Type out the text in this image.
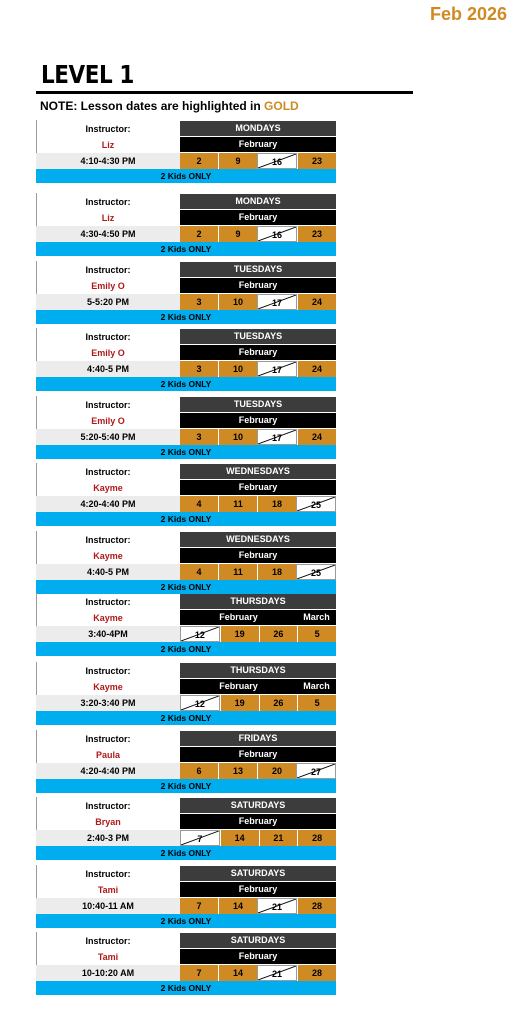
Feb 2026
LEVEL 1
NOTE: Lesson dates are highlighted in GOLD
Instructor:
Liz
4:10-4:30 PM
MONDAYS
February
2	9	16	23
2 Kids ONLY
Instructor:
Liz
4:30-4:50 PM
MONDAYS
February
2	9	16	23
2 Kids ONLY
Instructor:
Emily O
5-5:20 PM
TUESDAYS
February
3	10	17	24
2 Kids ONLY
Instructor:
Emily O
4:40-5 PM
TUESDAYS
February
3	10	17	24
2 Kids ONLY
Instructor:
Emily O
5:20-5:40 PM
TUESDAYS
February
3	10	17	24
2 Kids ONLY
Instructor:
Kayme
4:20-4:40 PM
WEDNESDAYS
February
4	11	18	25
2 Kids ONLY
Instructor:
Kayme
4:40-5 PM
WEDNESDAYS
February
4	11	18	25
2 Kids ONLY
Instructor:
Kayme
3:40-4PM
THURSDAYS
February	March
12	19	26	5
2 Kids ONLY
Instructor:
Kayme
3:20-3:40 PM
THURSDAYS
February	March
12	19	26	5
2 Kids ONLY
Instructor:
Paula
4:20-4:40 PM
FRIDAYS
February
6	13	20	27
2 Kids ONLY
Instructor:
Bryan
2:40-3 PM
SATURDAYS
February
7	14	21	28
2 Kids ONLY
Instructor:
Tami
10:40-11 AM
SATURDAYS
February
7	14	21	28
2 Kids ONLY
Instructor:
Tami
10-10:20 AM
SATURDAYS
February
7	14	21	28
2 Kids ONLY
